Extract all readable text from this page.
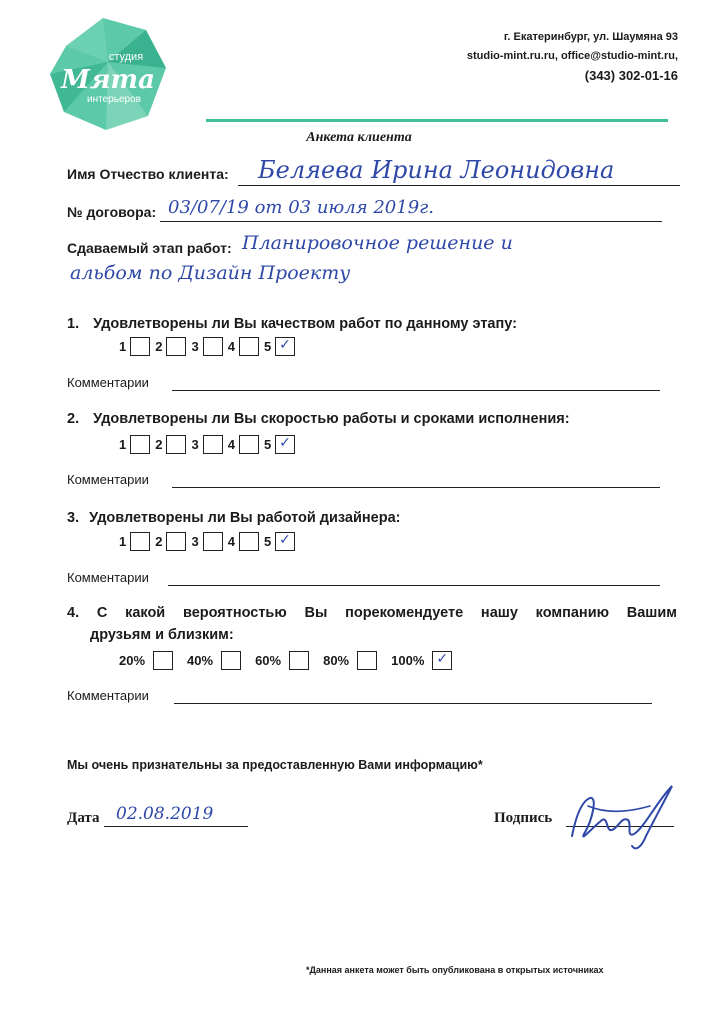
студия
Мята
интерьеров
г. Екатеринбург, ул. Шаумяна 93
studio-mint.ru.ru, office@studio-mint.ru,
(343) 302-01-16
Анкета клиента
Имя Отчество клиента: Беляева Ирина Леонидовна
№ договора: 03/07/19 от 03 июля 2019г.
Сдаваемый этап работ: Планировочное решение и
альбом по Дизайн Проекту
1. Удовлетворены ли Вы качеством работ по данному этапу:
1 2 3 4 5 ✓
Комментарии
2. Удовлетворены ли Вы скоростью работы и сроками исполнения:
1 2 3 4 5 ✓
Комментарии
3. Удовлетворены ли Вы работой дизайнера:
1 2 3 4 5 ✓
Комментарии
4. С какой вероятностью Вы порекомендуете нашу компанию Вашим
друзьям и близким:
20%	40%	60%	80%	100% ✓
Комментарии
Мы очень признательны за предоставленную Вами информацию*
Дата 02.08.2019	Подпись
*Данная анкета может быть опубликована в открытых источниках
